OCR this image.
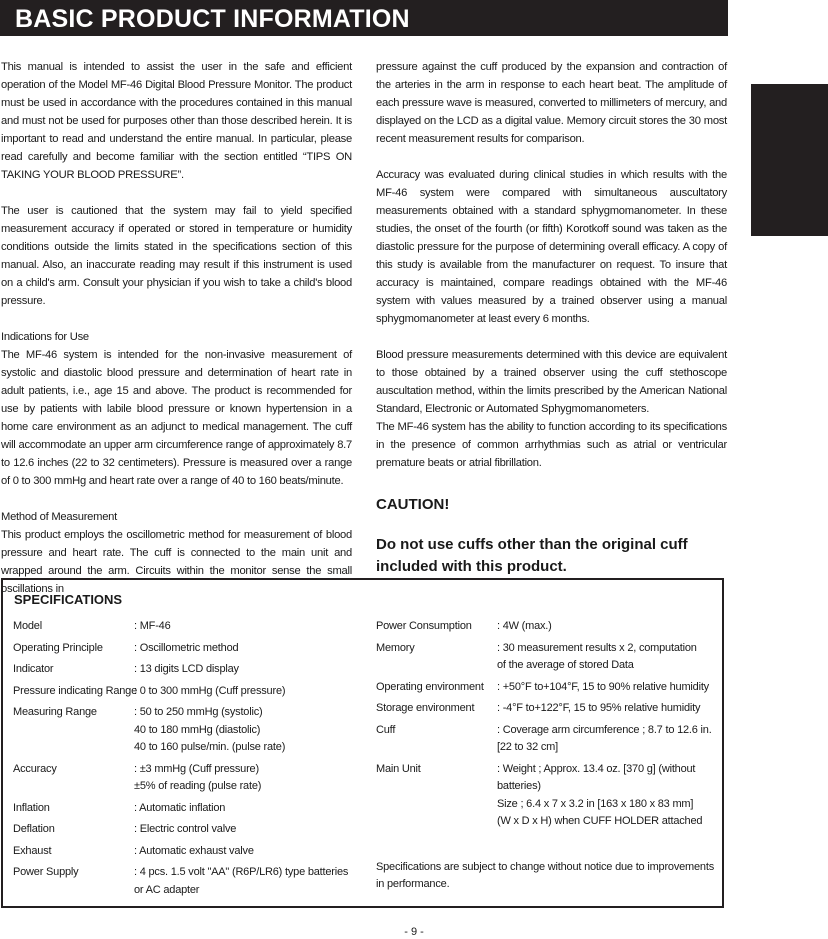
BASIC PRODUCT INFORMATION

This manual is intended to assist the user in the safe and efficient operation of the Model MF-46 Digital Blood Pressure Monitor. The product must be used in accordance with the procedures contained in this manual and must not be used for purposes other than those described herein. It is important to read and understand the entire manual. In particular, please read carefully and become familiar with the section entitled “TIPS ON TAKING YOUR BLOOD PRESSURE”.

The user is cautioned that the system may fail to yield specified measurement accuracy if operated or stored in temperature or humidity conditions outside the limits stated in the specifications section of this manual. Also, an inaccurate reading may result if this instrument is used on a child's arm. Consult your physician if you wish to take a child's blood pressure.

Indications for Use

The MF-46 system is intended for the non-invasive measurement of systolic and diastolic blood pressure and determination of heart rate in adult patients, i.e., age 15 and above. The product is recommended for use by patients with labile blood pressure or known hypertension in a home care environment as an adjunct to medical management. The cuff will accommodate an upper arm circumference range of approximately 8.7 to 12.6 inches (22 to 32 centimeters). Pressure is measured over a range of 0 to 300 mmHg and heart rate over a range of 40 to 160 beats/minute.

Method of Measurement

This product employs the oscillometric method for measurement of blood pressure and heart rate. The cuff is connected to the main unit and wrapped around the arm. Circuits within the monitor sense the small oscillations in

pressure against the cuff produced by the expansion and contraction of the arteries in the arm in response to each heart beat. The amplitude of each pressure wave is measured, converted to millimeters of mercury, and displayed on the LCD as a digital value. Memory circuit stores the 30 most recent measurement results for comparison.

Accuracy was evaluated during clinical studies in which results with the MF-46 system were compared with simultaneous auscultatory measurements obtained with a standard sphygmomanometer. In these studies, the onset of the fourth (or fifth) Korotkoff sound was taken as the diastolic pressure for the purpose of determining overall efficacy. A copy of this study is available from the manufacturer on request. To insure that accuracy is maintained, compare readings obtained with the MF-46 system with values measured by a trained observer using a manual sphygmomanometer at least every 6 months.

Blood pressure measurements determined with this device are equivalent to those obtained by a trained observer using the cuff stethoscope auscultation method, within the limits prescribed by the American National Standard, Electronic or Automated Sphygmomanometers.

The MF-46 system has the ability to function according to its specifications in the presence of common arrhythmias such as atrial or ventricular premature beats or atrial fibrillation.

CAUTION!

Do not use cuffs other than the original cuff included with this product.

SPECIFICATIONS
Model	: MF-46
Operating Principle	: Oscillometric method
Indicator	: 13 digits LCD display
Pressure indicating Range
: 0 to 300 mmHg (Cuff pressure)
Measuring Range	: 50 to 250 mmHg (systolic)
40 to 180 mmHg (diastolic)
40 to 160 pulse/min. (pulse rate)
Accuracy	: ±3 mmHg (Cuff pressure)
±5% of reading (pulse rate)
Inflation	: Automatic inflation
Deflation	: Electric control valve
Exhaust	: Automatic exhaust valve
Power Supply	: 4 pcs. 1.5 volt "AA" (R6P/LR6) type batteries
or AC adapter
Power Consumption	: 4W (max.)
Memory	: 30 measurement results x 2, computation
of the average of stored Data
Operating environment	: +50°F to+104°F, 15 to 90% relative humidity
Storage environment	: -4°F to+122°F, 15 to 95% relative humidity
Cuff	: Coverage arm circumference ; 8.7 to 12.6 in.
[22 to 32 cm]
Main Unit	: Weight ; Approx. 13.4 oz. [370 g] (without
batteries)
Size ; 6.4 x 7 x 3.2 in [163 x 180 x 83 mm]
(W x D x H) when CUFF HOLDER attached
Specifications are subject to change without notice due to improvements in performance.
- 9 -
